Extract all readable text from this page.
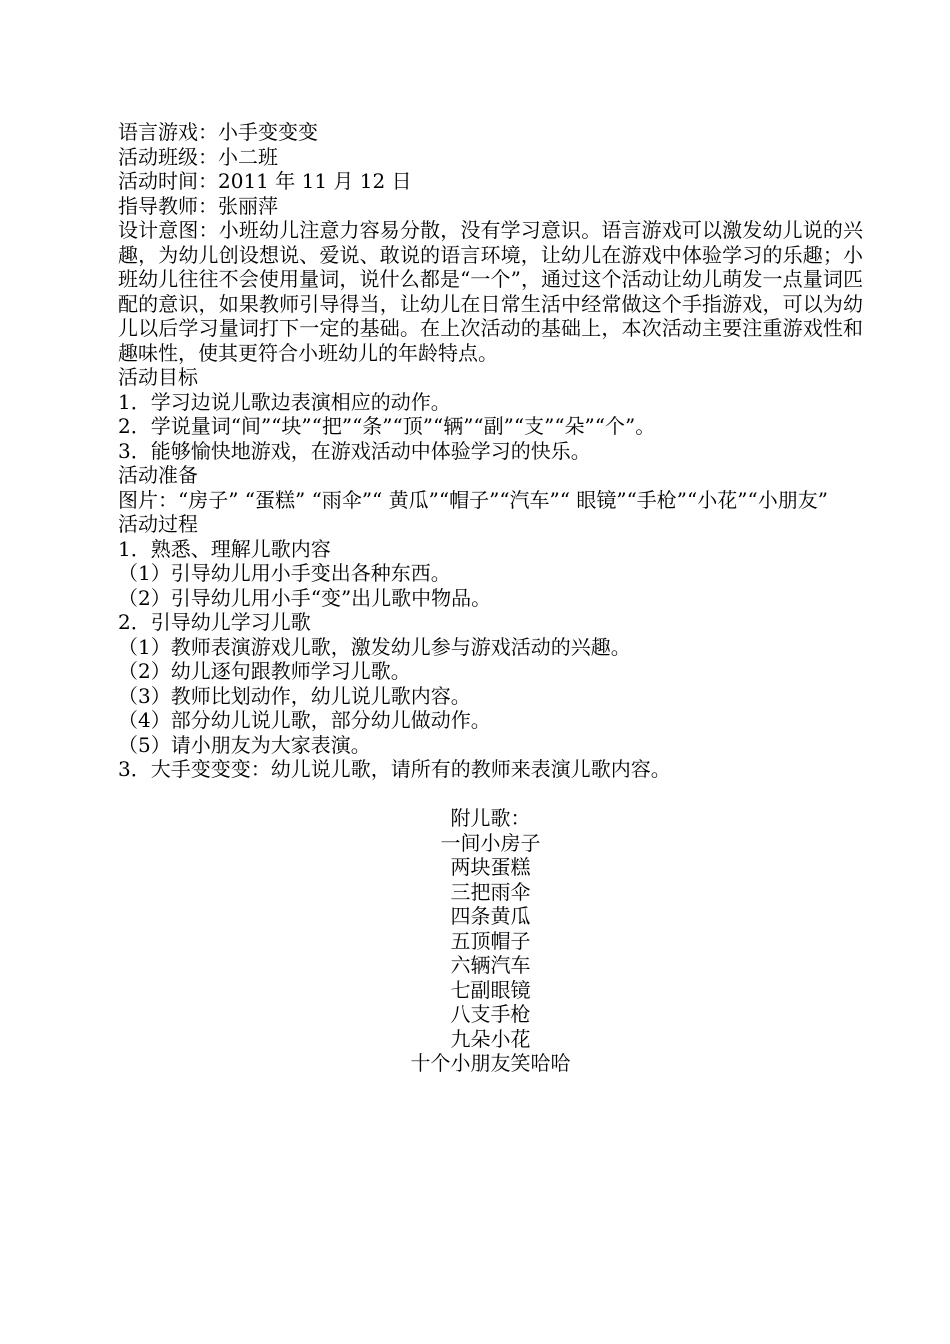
语言游戏：小手变变变
活动班级：小二班
活动时间：2011 年 11 月 12 日
指导教师：张丽萍
设计意图：小班幼儿注意力容易分散，没有学习意识。语言游戏可以激发幼儿说的兴趣，为幼儿创设想说、爱说、敢说的语言环境，让幼儿在游戏中体验学习的乐趣；小班幼儿往往不会使用量词，说什么都是“一个”，通过这个活动让幼儿萌发一点量词匹配的意识，如果教师引导得当，让幼儿在日常生活中经常做这个手指游戏，可以为幼儿以后学习量词打下一定的基础。在上次活动的基础上，本次活动主要注重游戏性和趣味性，使其更符合小班幼儿的年龄特点。
活动目标
1．学习边说儿歌边表演相应的动作。
2．学说量词“间”“块”“把”“条”“顶”“辆”“副”“支”“朵”“个”。
3．能够愉快地游戏，在游戏活动中体验学习的快乐。
活动准备
图片：“房子” “蛋糕” “雨伞”“ 黄瓜”“帽子”“汽车”“ 眼镜”“手枪”“小花”“小朋友”
活动过程
1．熟悉、理解儿歌内容
（1）引导幼儿用小手变出各种东西。
（2）引导幼儿用小手“变”出儿歌中物品。
2．引导幼儿学习儿歌
（1）教师表演游戏儿歌，激发幼儿参与游戏活动的兴趣。
（2）幼儿逐句跟教师学习儿歌。
（3）教师比划动作，幼儿说儿歌内容。
（4）部分幼儿说儿歌，部分幼儿做动作。
（5）请小朋友为大家表演。
3．大手变变变：幼儿说儿歌，请所有的教师来表演儿歌内容。
附儿歌：
一间小房子
两块蛋糕
三把雨伞
四条黄瓜
五顶帽子
六辆汽车
七副眼镜
八支手枪
九朵小花
十个小朋友笑哈哈
